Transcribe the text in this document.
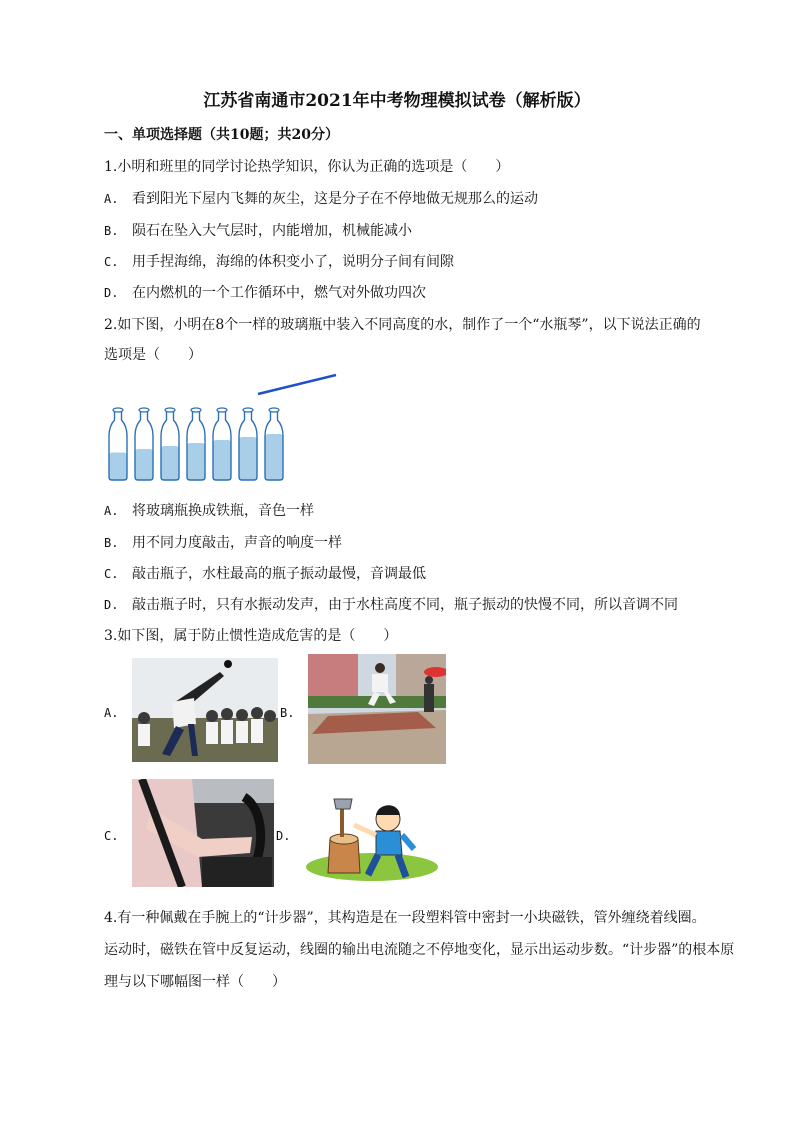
江苏省南通市2021年中考物理模拟试卷（解析版）
一、单项选择题（共10题；共20分）
1.小明和班里的同学讨论热学知识，你认为正确的选项是（　　）
A. 看到阳光下屋内飞舞的灰尘，这是分子在不停地做无规那么的运动
B. 陨石在坠入大气层时，内能增加，机械能减小
C. 用手捏海绵，海绵的体积变小了，说明分子间有间隙
D. 在内燃机的一个工作循环中，燃气对外做功四次
2.如下图，小明在8个一样的玻璃瓶中装入不同高度的水，制作了一个“水瓶琴”，以下说法正确的
选项是（　　）
A. 将玻璃瓶换成铁瓶，音色一样
B. 用不同力度敲击，声音的响度一样
C. 敲击瓶子，水柱最高的瓶子振动最慢，音调最低
D. 敲击瓶子时，只有水振动发声，由于水柱高度不同，瓶子振动的快慢不同，所以音调不同
3.如下图，属于防止惯性造成危害的是（　　）
A.	B.
C.	D.
4.有一种佩戴在手腕上的“计步器”，其构造是在一段塑料管中密封一小块磁铁，管外缠绕着线圈。
运动时，磁铁在管中反复运动，线圈的输出电流随之不停地变化，显示出运动步数。“计步器”的根本原
理与以下哪幅图一样（　　）
